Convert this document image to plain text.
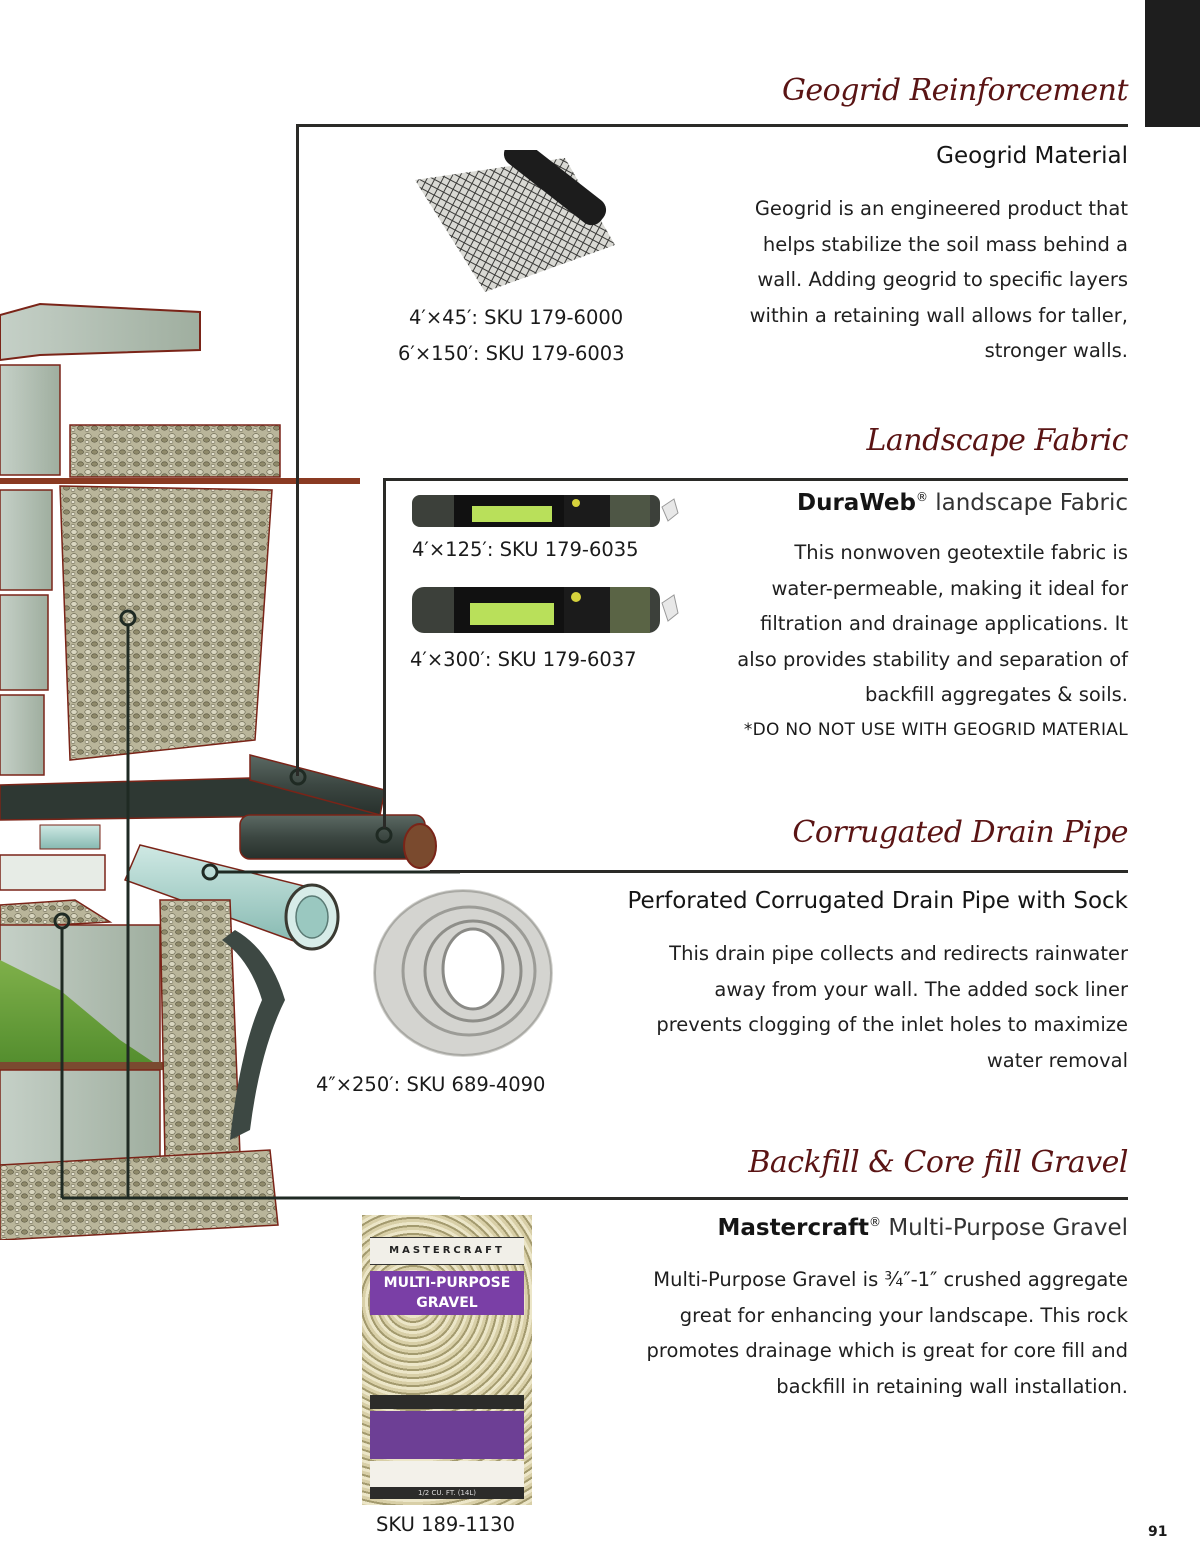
Geogrid Reinforcement
Geogrid Material
Geogrid is an engineered product that
helps stabilize the soil mass behind a
wall. Adding geogrid to specific layers
within a retaining wall allows for taller,
stronger walls.
4′×45′: SKU 179-6000
6′×150′: SKU 179-6003
Landscape Fabric
DuraWeb® landscape Fabric
This nonwoven geotextile fabric is
water-permeable, making it ideal for
filtration and drainage applications. It
also provides stability and separation of
backfill aggregates & soils.
*DO NO NOT USE WITH GEOGRID MATERIAL
4′×125′: SKU 179-6035
4′×300′: SKU 179-6037
Corrugated Drain Pipe
Perforated Corrugated Drain Pipe with Sock
This drain pipe collects and redirects rainwater
away from your wall. The added sock liner
prevents clogging of the inlet holes to maximize
water removal
4″×250′: SKU 689-4090
Backfill & Core fill Gravel
Mastercraft® Multi-Purpose Gravel
Multi-Purpose Gravel is ¾″-1″ crushed aggregate
great for enhancing your landscape. This rock
promotes drainage which is great for core fill and
backfill in retaining wall installation.
MASTERCRAFT
MULTI-PURPOSE
GRAVEL
1/2 CU. FT. (14L)
SKU 189-1130	91
